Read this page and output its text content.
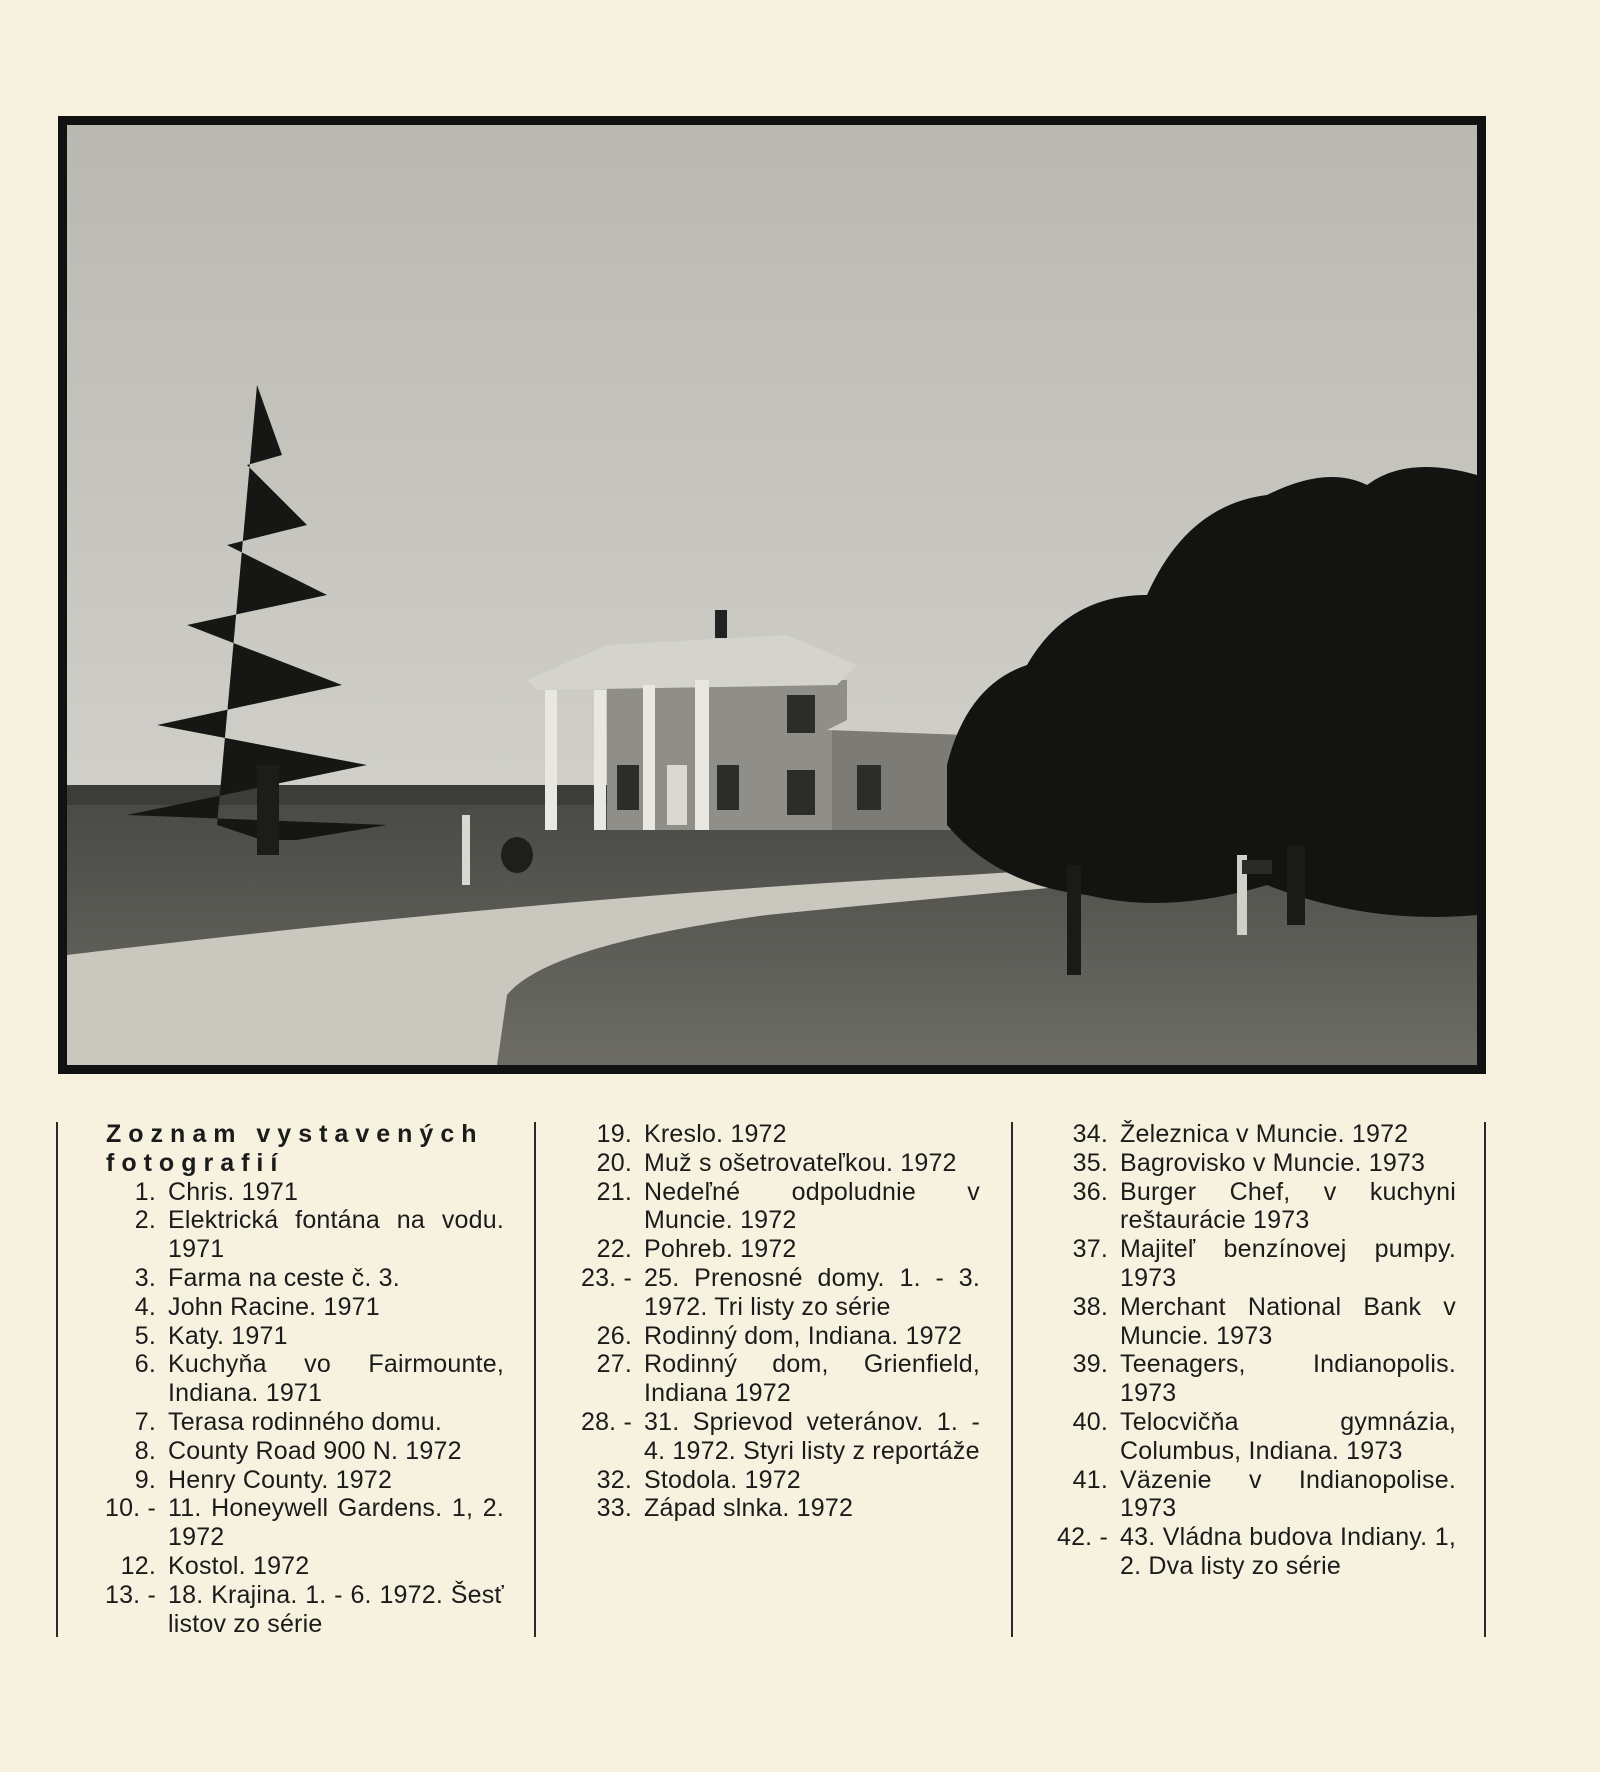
Zoznam vystavených fotografií
1. Chris. 1971
2. Elektrická fontána na vodu. 1971
3. Farma na ceste č. 3.
4. John Racine. 1971
5. Katy. 1971
6. Kuchyňa vo Fairmounte, Indiana. 1971
7. Terasa rodinného domu.
8. County Road 900 N. 1972
9. Henry County. 1972
10. - 11. Honeywell Gardens. 1, 2. 1972
12. Kostol. 1972
13. - 18. Krajina. 1. - 6. 1972. Šesť listov zo série
19. Kreslo. 1972
20. Muž s ošetrovateľkou. 1972
21. Nedeľné odpoludnie v Muncie. 1972
22. Pohreb. 1972
23. - 25. Prenosné domy. 1. - 3. 1972. Tri listy zo série
26. Rodinný dom, Indiana. 1972
27. Rodinný dom, Grienfield, Indiana 1972
28. - 31. Sprievod veteránov. 1. - 4. 1972. Styri listy z reportáže
32. Stodola. 1972
33. Západ slnka. 1972
34. Železnica v Muncie. 1972
35. Bagrovisko v Muncie. 1973
36. Burger Chef, v kuchyni reštaurácie 1973
37. Majiteľ benzínovej pumpy. 1973
38. Merchant National Bank v Muncie. 1973
39. Teenagers, Indianopolis. 1973
40. Telocvičňa gymnázia, Columbus, Indiana. 1973
41. Väzenie v Indianopolise. 1973
42. - 43. Vládna budova Indiany. 1, 2. Dva listy zo série
